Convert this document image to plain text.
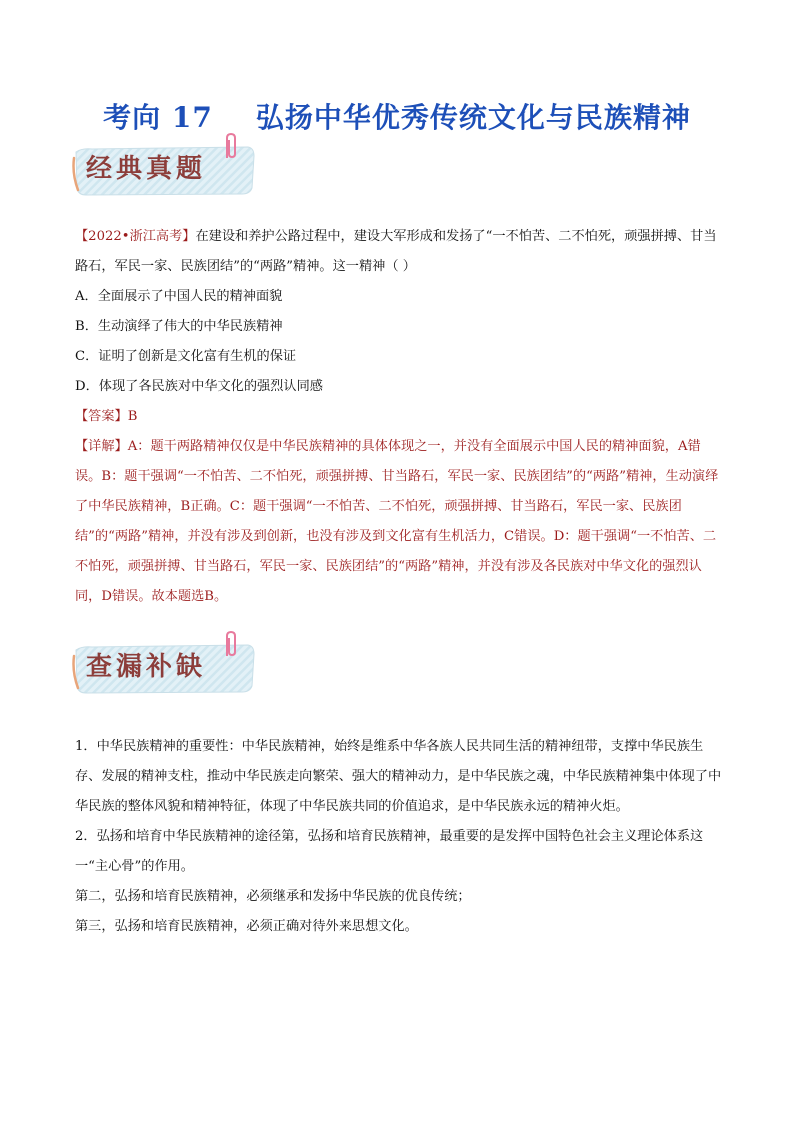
考向 17    弘扬中华优秀传统文化与民族精神
经典真题

【2022•浙江高考】在建设和养护公路过程中，建设大军形成和发扬了“一不怕苦、二不怕死，顽强拼搏、甘当路石，军民一家、民族团结”的“两路”精神。这一精神（ ）

A．全面展示了中国人民的精神面貌

B．生动演绎了伟大的中华民族精神

C．证明了创新是文化富有生机的保证

D．体现了各民族对中华文化的强烈认同感

【答案】B

【详解】A：题干两路精神仅仅是中华民族精神的具体体现之一，并没有全面展示中国人民的精神面貌，A错误。B：题干强调“一不怕苦、二不怕死，顽强拼搏、甘当路石，军民一家、民族团结”的“两路”精神，生动演绎了中华民族精神，B正确。C：题干强调“一不怕苦、二不怕死，顽强拼搏、甘当路石，军民一家、民族团结”的“两路”精神，并没有涉及到创新，也没有涉及到文化富有生机活力，C错误。D：题干强调“一不怕苦、二不怕死，顽强拼搏、甘当路石，军民一家、民族团结”的“两路”精神，并没有涉及各民族对中华文化的强烈认同，D错误。故本题选B。

查漏补缺

1．中华民族精神的重要性：中华民族精神，始终是维系中华各族人民共同生活的精神纽带，支撑中华民族生存、发展的精神支柱，推动中华民族走向繁荣、强大的精神动力，是中华民族之魂，中华民族精神集中体现了中华民族的整体风貌和精神特征，体现了中华民族共同的价值追求，是中华民族永远的精神火炬。

2．弘扬和培育中华民族精神的途径第，弘扬和培育民族精神，最重要的是发挥中国特色社会主义理论体系这一“主心骨”的作用。

第二，弘扬和培育民族精神，必须继承和发扬中华民族的优良传统；

第三，弘扬和培育民族精神，必须正确对待外来思想文化。
